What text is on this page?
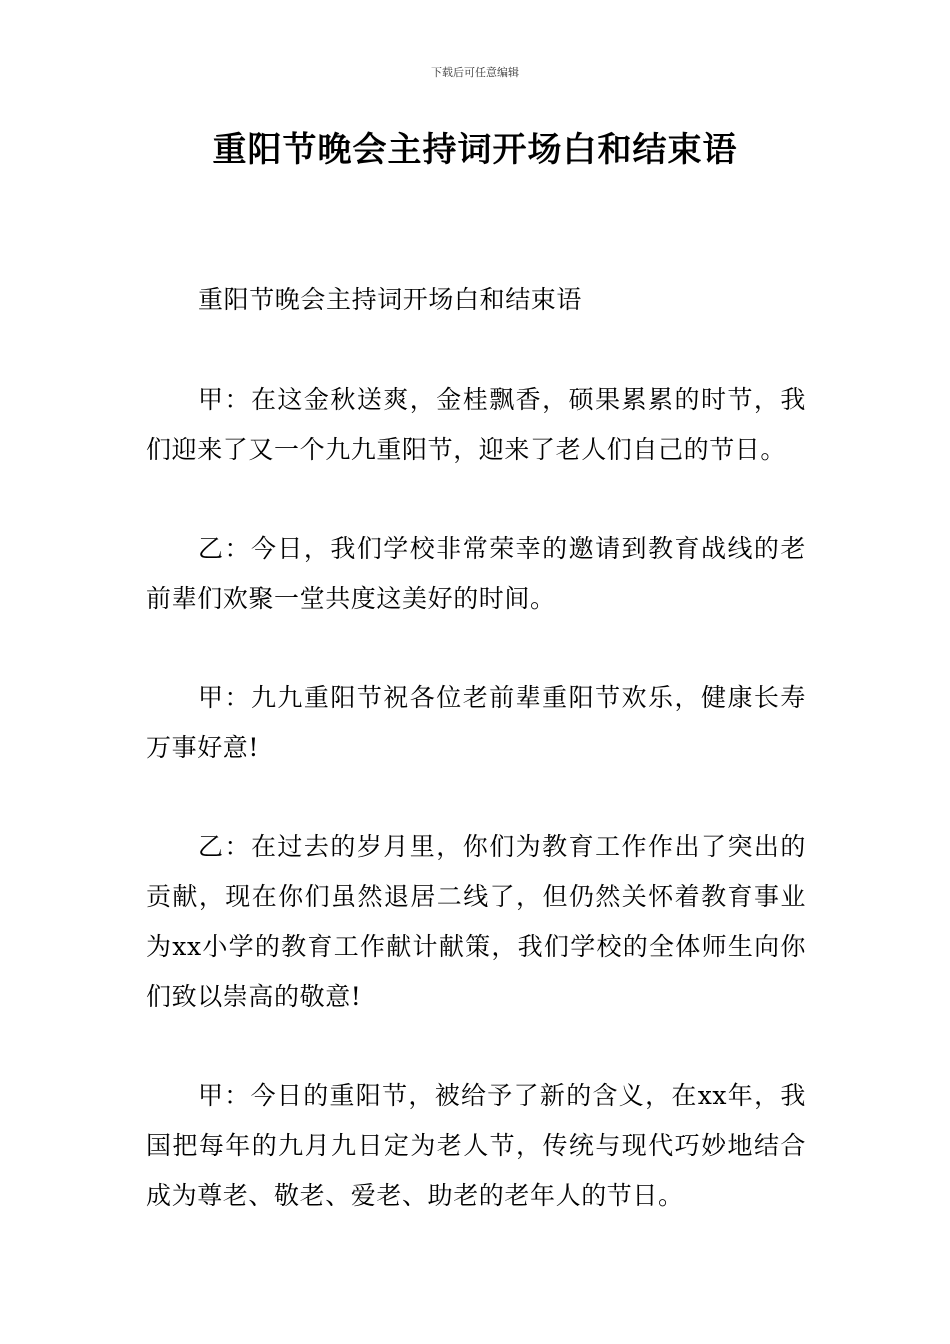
下载后可任意编辑
重阳节晚会主持词开场白和结束语

重阳节晚会主持词开场白和结束语

甲：在这金秋送爽，金桂飘香，硕果累累的时节，我们迎来了又一个九九重阳节，迎来了老人们自己的节日。

乙：今日，我们学校非常荣幸的邀请到教育战线的老前辈们欢聚一堂共度这美好的时间。

甲：九九重阳节祝各位老前辈重阳节欢乐，健康长寿万事好意!

乙：在过去的岁月里，你们为教育工作作出了突出的贡献，现在你们虽然退居二线了，但仍然关怀着教育事业为xx小学的教育工作献计献策，我们学校的全体师生向你们致以崇高的敬意!

甲：今日的重阳节，被给予了新的含义，在xx年，我国把每年的九月九日定为老人节，传统与现代巧妙地结合成为尊老、敬老、爱老、助老的老年人的节日。
